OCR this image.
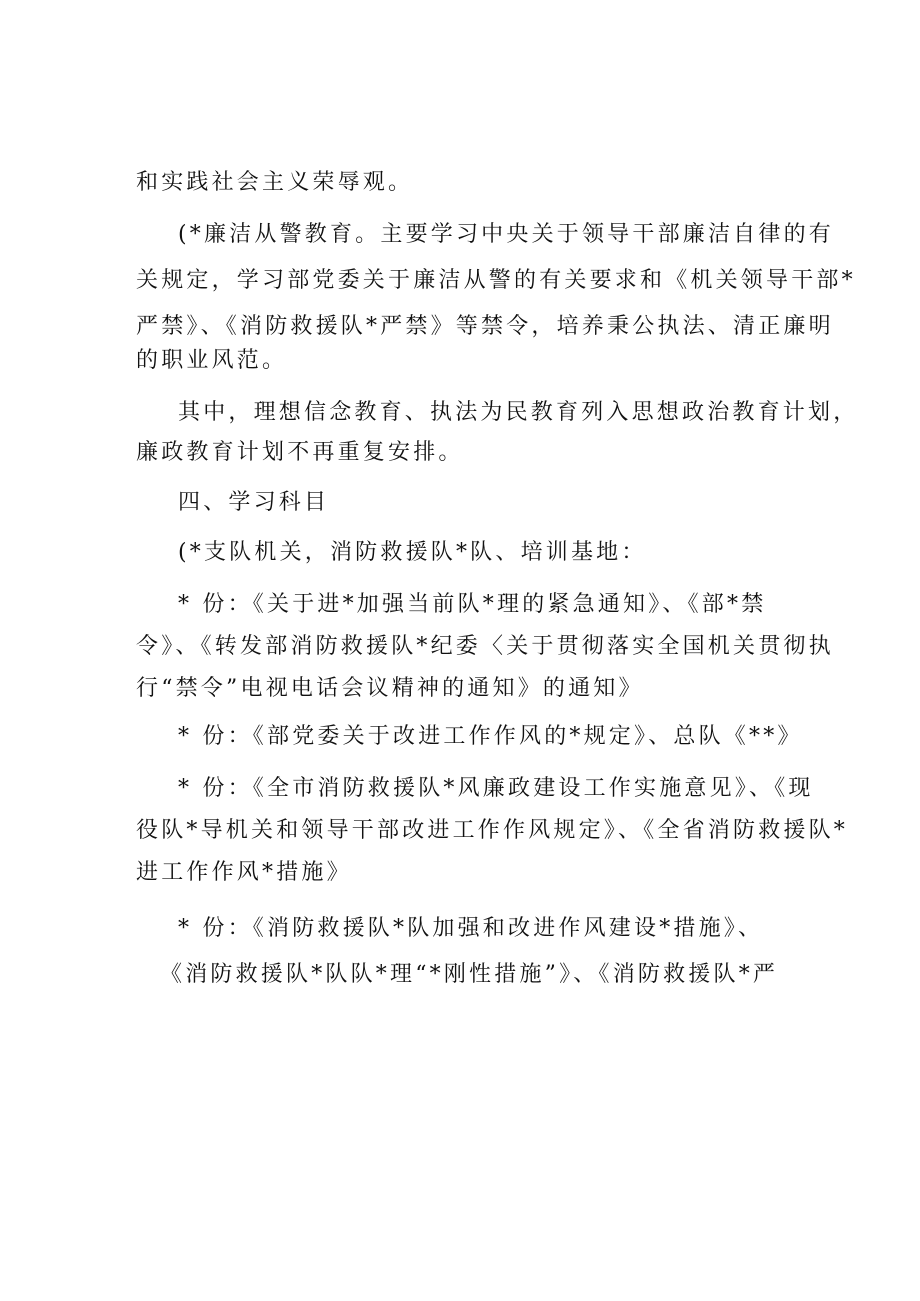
和实践社会主义荣辱观。
(*廉洁从警教育。主要学习中央关于领导干部廉洁自律的有
关规定，学习部党委关于廉洁从警的有关要求和《机关领导干部*
严禁》、《消防救援队*严禁》等禁令，培养秉公执法、清正廉明
的职业风范。
其中，理想信念教育、执法为民教育列入思想政治教育计划，
廉政教育计划不再重复安排。
四、学习科目
(*支队机关，消防救援队*队、培训基地：
* 份：《关于进*加强当前队*理的紧急通知》、《部*禁
令》、《转发部消防救援队*纪委〈关于贯彻落实全国机关贯彻执
行“禁令”电视电话会议精神的通知》的通知》
* 份：《部党委关于改进工作作风的*规定》、总队《**》
* 份：《全市消防救援队*风廉政建设工作实施意见》、《现
役队*导机关和领导干部改进工作作风规定》、《全省消防救援队*
进工作作风*措施》
* 份：《消防救援队*队加强和改进作风建设*措施》、
《消防救援队*队队*理“*刚性措施”》、《消防救援队*严
